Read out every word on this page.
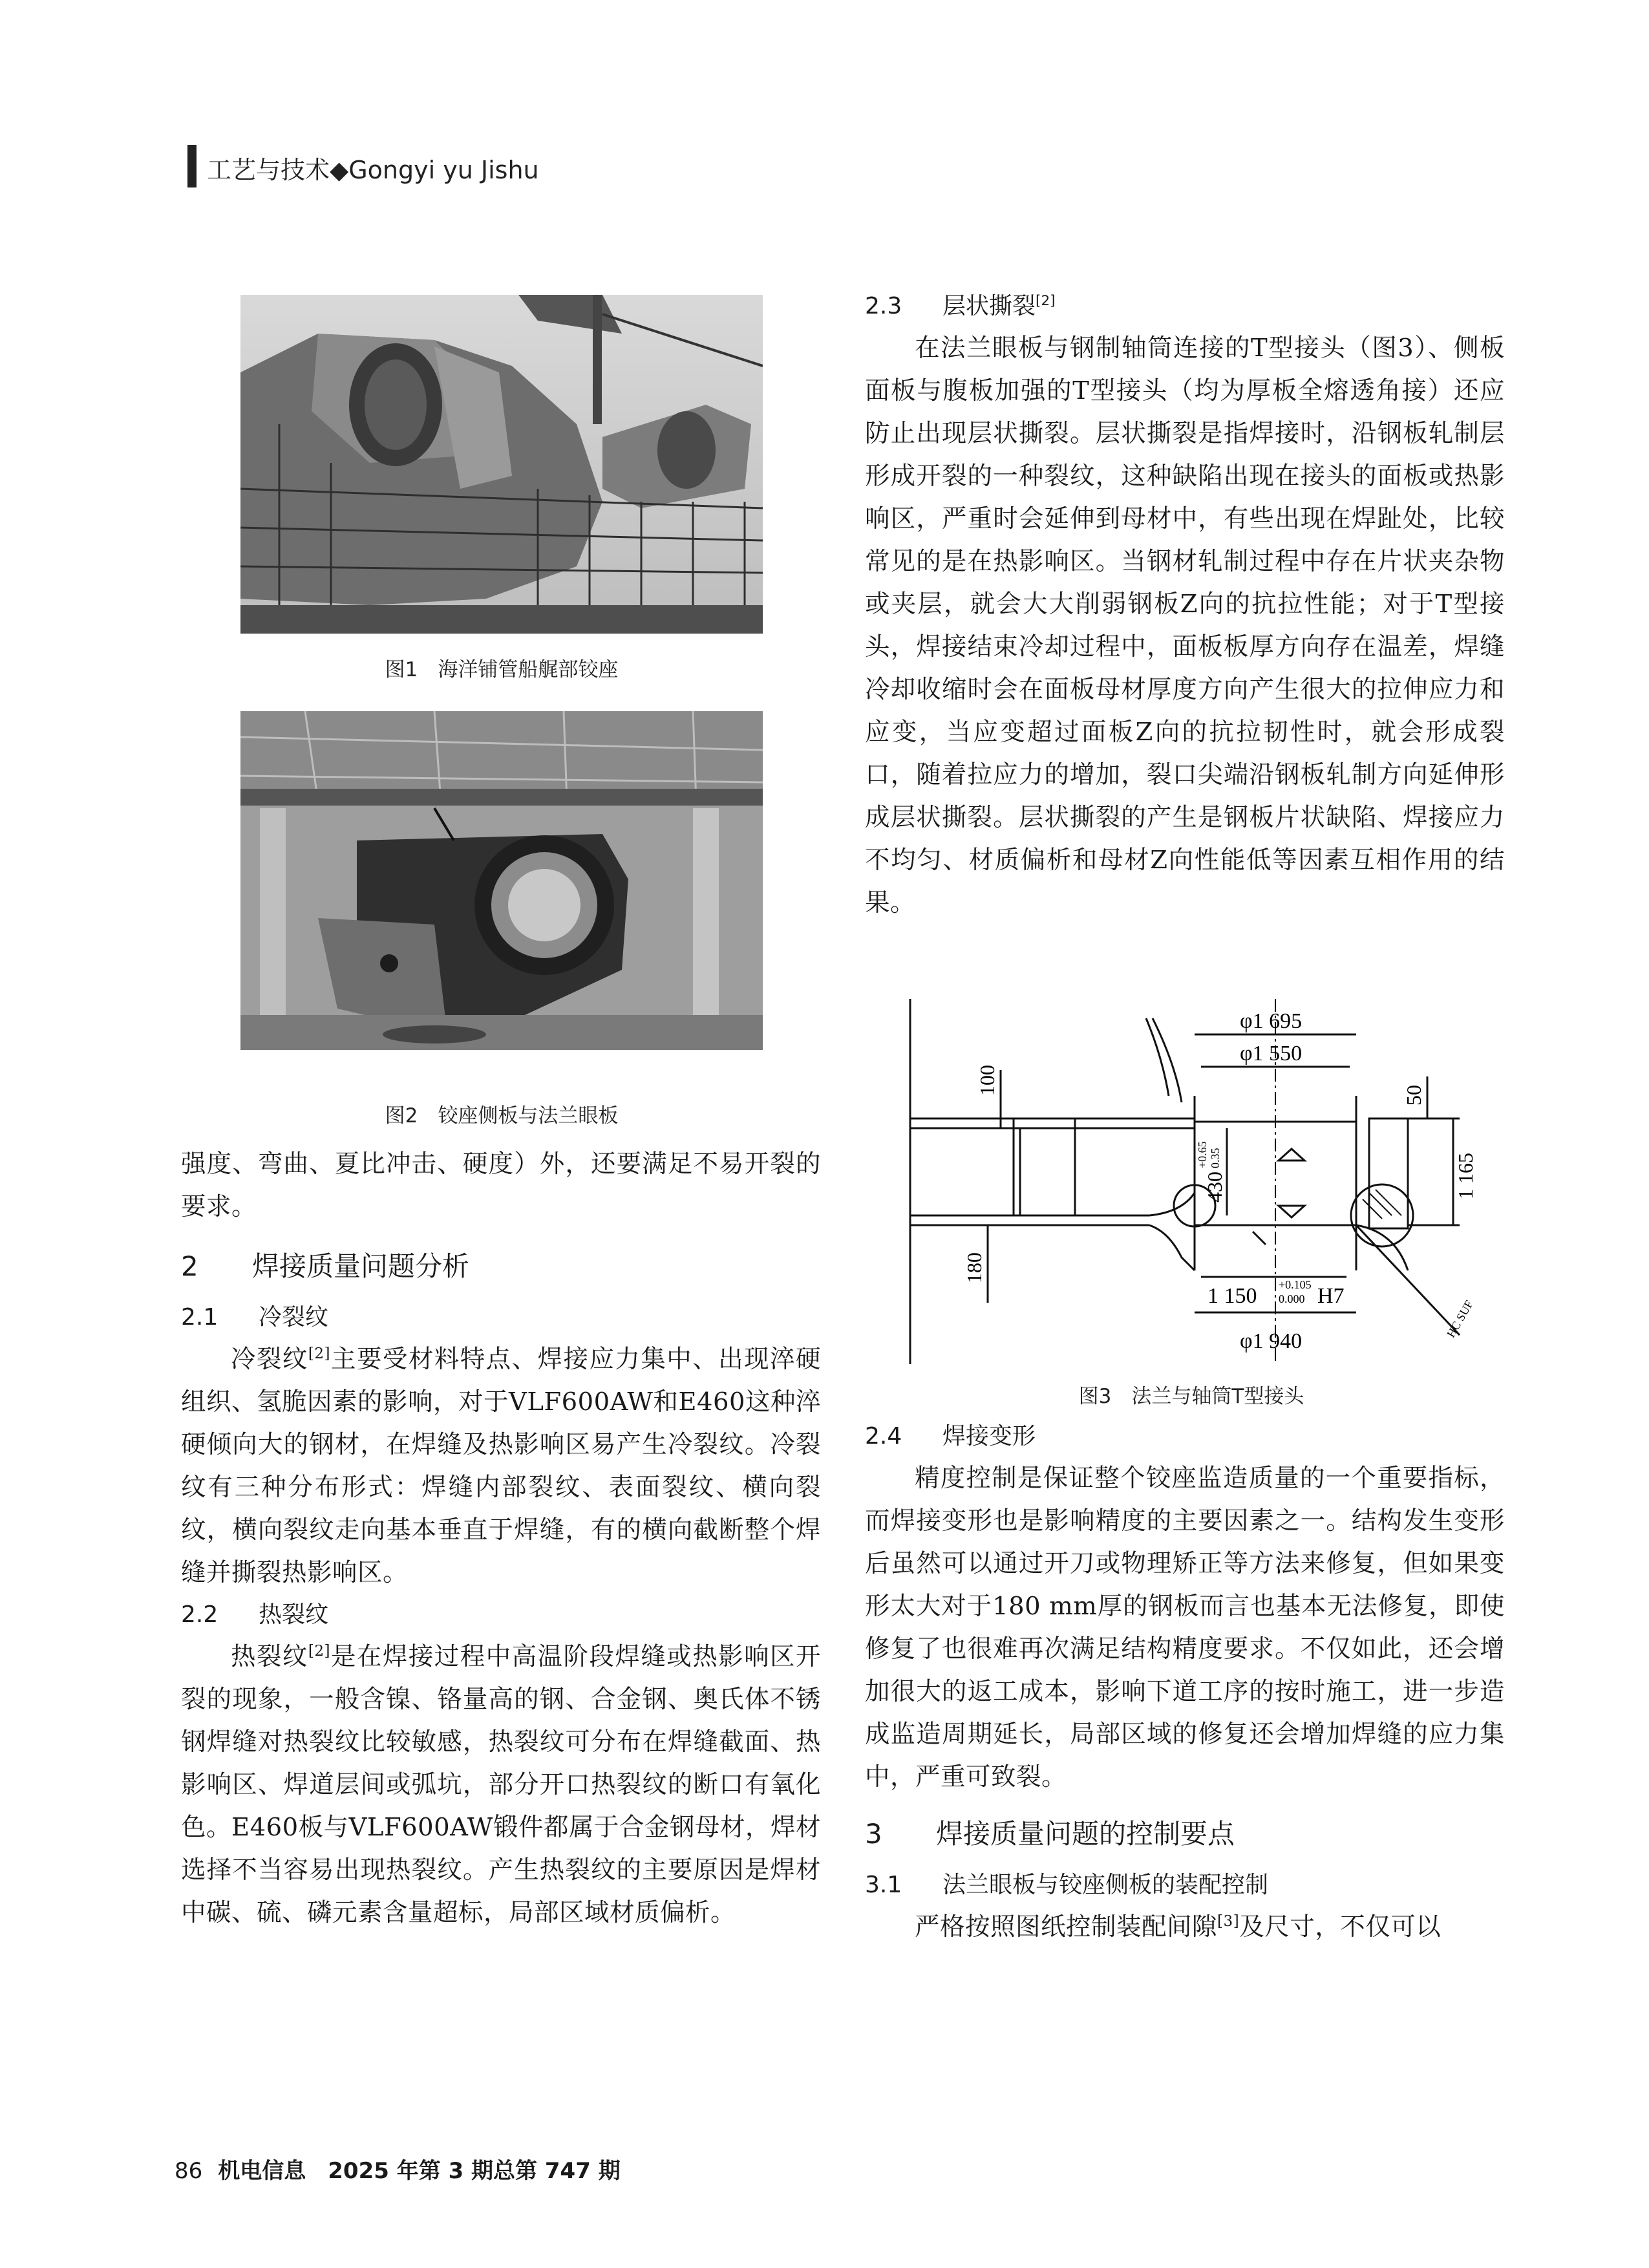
工艺与技术◆Gongyi yu Jishu
图1　海洋铺管船艉部铰座
图2　铰座侧板与法兰眼板

强度、弯曲、夏比冲击、硬度）外，还要满足不易开裂的要求。

2 焊接质量问题分析
2.1 冷裂纹

冷裂纹[2]主要受材料特点、焊接应力集中、出现淬硬组织、氢脆因素的影响，对于VLF600AW和E460这种淬硬倾向大的钢材，在焊缝及热影响区易产生冷裂纹。冷裂纹有三种分布形式：焊缝内部裂纹、表面裂纹、横向裂纹，横向裂纹走向基本垂直于焊缝，有的横向截断整个焊缝并撕裂热影响区。

2.2 热裂纹

热裂纹[2]是在焊接过程中高温阶段焊缝或热影响区开裂的现象，一般含镍、铬量高的钢、合金钢、奥氏体不锈钢焊缝对热裂纹比较敏感，热裂纹可分布在焊缝截面、热影响区、焊道层间或弧坑，部分开口热裂纹的断口有氧化色。E460板与VLF600AW锻件都属于合金钢母材，焊材选择不当容易出现热裂纹。产生热裂纹的主要原因是焊材中碳、硫、磷元素含量超标，局部区域材质偏析。

2.3 层状撕裂[2]

在法兰眼板与钢制轴筒连接的T型接头（图3）、侧板面板与腹板加强的T型接头（均为厚板全熔透角接）还应防止出现层状撕裂。层状撕裂是指焊接时，沿钢板轧制层形成开裂的一种裂纹，这种缺陷出现在接头的面板或热影响区，严重时会延伸到母材中，有些出现在焊趾处，比较常见的是在热影响区。当钢材轧制过程中存在片状夹杂物或夹层，就会大大削弱钢板Z向的抗拉性能；对于T型接头，焊接结束冷却过程中，面板板厚方向存在温差，焊缝冷却收缩时会在面板母材厚度方向产生很大的拉伸应力和应变，当应变超过面板Z向的抗拉韧性时，就会形成裂口，随着拉应力的增加，裂口尖端沿钢板轧制方向延伸形成层状撕裂。层状撕裂的产生是钢板片状缺陷、焊接应力不均匀、材质偏析和母材Z向性能低等因素互相作用的结果。

φ1 695
φ1 550
100	50
430
+0.65 0.35	1 165
180
1 150 +0.105
0.000 H7
φ1 940
HC SUF
图3　法兰与轴筒T型接头
2.4 焊接变形

精度控制是保证整个铰座监造质量的一个重要指标，而焊接变形也是影响精度的主要因素之一。结构发生变形后虽然可以通过开刀或物理矫正等方法来修复，但如果变形太大对于180 mm厚的钢板而言也基本无法修复，即使修复了也很难再次满足结构精度要求。不仅如此，还会增加很大的返工成本，影响下道工序的按时施工，进一步造成监造周期延长，局部区域的修复还会增加焊缝的应力集中，严重可致裂。

3 焊接质量问题的控制要点
3.1 法兰眼板与铰座侧板的装配控制

严格按照图纸控制装配间隙[3]及尺寸，不仅可以

86 机电信息　2025 年第 3 期总第 747 期
